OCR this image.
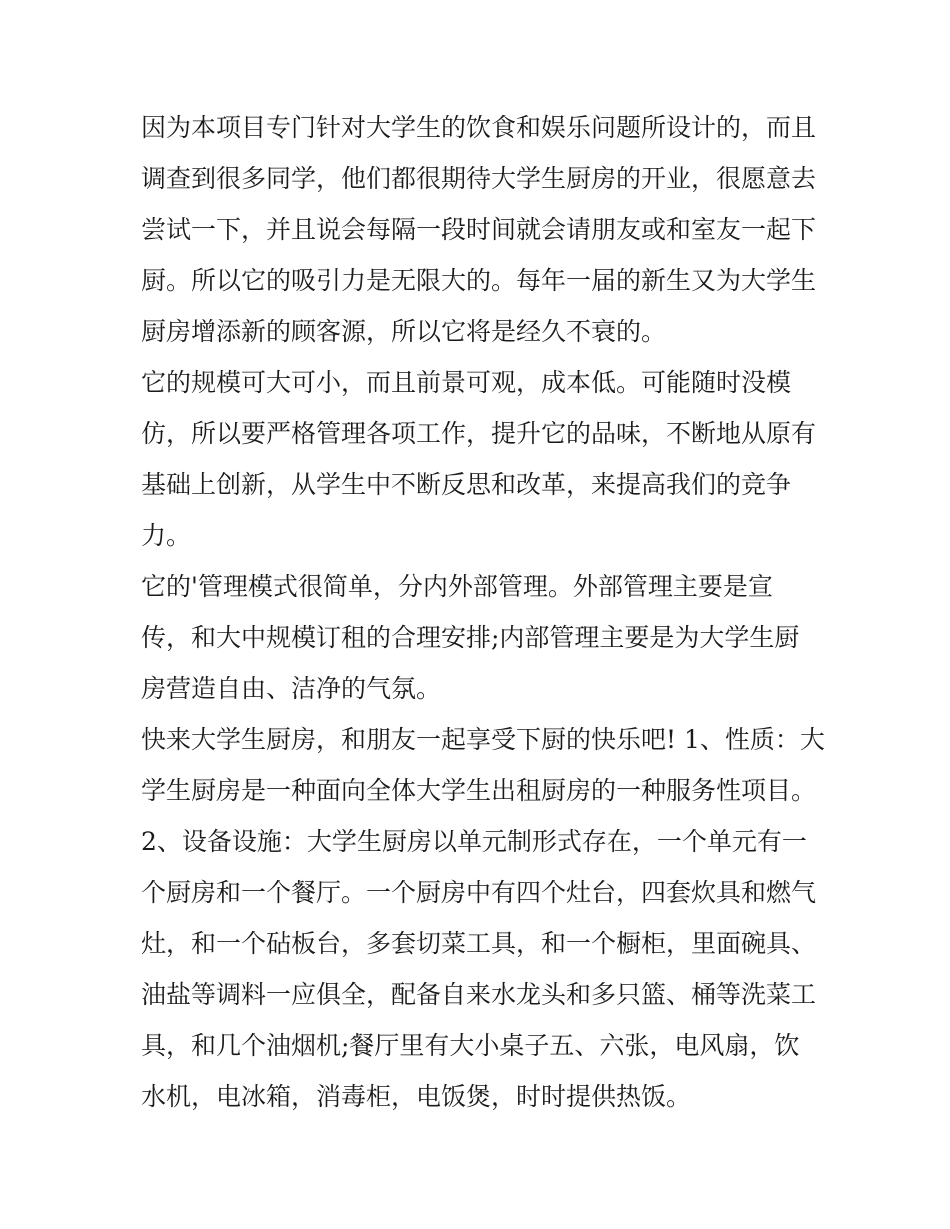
因为本项目专门针对大学生的饮食和娱乐问题所设计的，而且
调查到很多同学，他们都很期待大学生厨房的开业，很愿意去
尝试一下，并且说会每隔一段时间就会请朋友或和室友一起下
厨。所以它的吸引力是无限大的。每年一届的新生又为大学生
厨房增添新的顾客源，所以它将是经久不衰的。
它的规模可大可小，而且前景可观，成本低。可能随时没模
仿，所以要严格管理各项工作，提升它的品味，不断地从原有
基础上创新，从学生中不断反思和改革，来提高我们的竞争
力。
它的'管理模式很简单，分内外部管理。外部管理主要是宣
传，和大中规模订租的合理安排;内部管理主要是为大学生厨
房营造自由、洁净的气氛。
快来大学生厨房，和朋友一起享受下厨的快乐吧! 1、性质：大
学生厨房是一种面向全体大学生出租厨房的一种服务性项目。
2、设备设施：大学生厨房以单元制形式存在，一个单元有一
个厨房和一个餐厅。一个厨房中有四个灶台，四套炊具和燃气
灶，和一个砧板台，多套切菜工具，和一个橱柜，里面碗具、
油盐等调料一应俱全，配备自来水龙头和多只篮、桶等洗菜工
具，和几个油烟机;餐厅里有大小桌子五、六张，电风扇，饮
水机，电冰箱，消毒柜，电饭煲，时时提供热饭。
